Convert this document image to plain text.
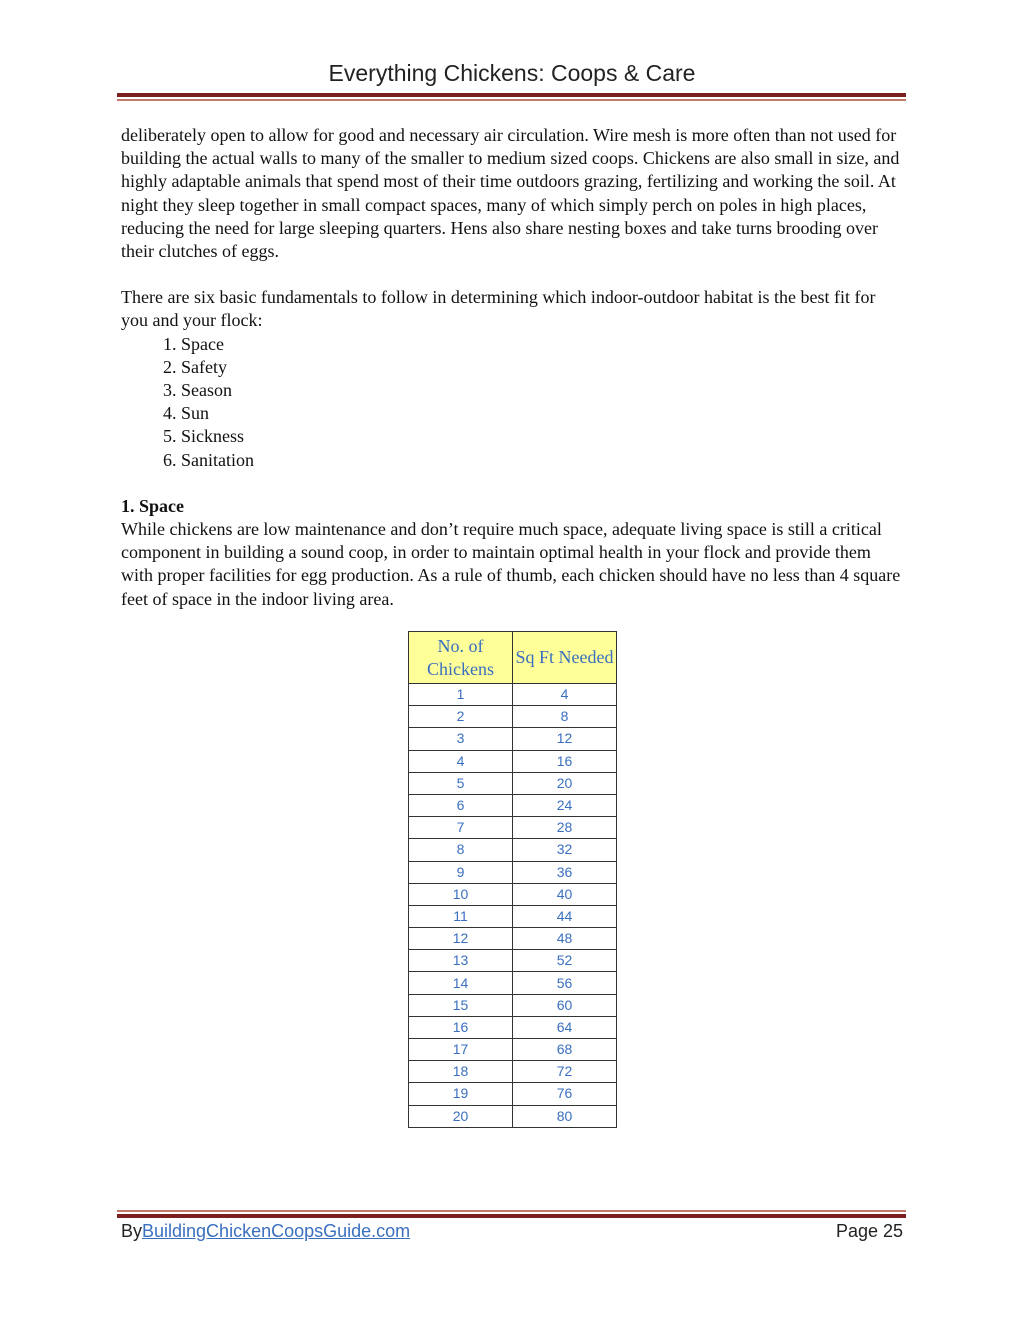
Everything Chickens: Coops & Care

deliberately open to allow for good and necessary air circulation. Wire mesh is more often than not used for building the actual walls to many of the smaller to medium sized coops. Chickens are also small in size, and highly adaptable animals that spend most of their time outdoors grazing, fertilizing and working the soil. At night they sleep together in small compact spaces, many of which simply perch on poles in high places, reducing the need for large sleeping quarters. Hens also share nesting boxes and take turns brooding over their clutches of eggs.

There are six basic fundamentals to follow in determining which indoor-outdoor habitat is the best fit for you and your flock:

1. Space
2. Safety
3. Season
4. Sun
5. Sickness
6. Sanitation

1. Space

While chickens are low maintenance and don’t require much space, adequate living space is still a critical component in building a sound coop, in order to maintain optimal health in your flock and provide them with proper facilities for egg production. As a rule of thumb, each chicken should have no less than 4 square feet of space in the indoor living area.

No. of Chickens	Sq Ft Needed
1	4
2	8
3	12
4	16
5	20
6	24
7	28
8	32
9	36
10	40
11	44
12	48
13	52
14	56
15	60
16	64
17	68
18	72
19	76
20	80
ByBuildingChickenCoopsGuide.com	Page 25
